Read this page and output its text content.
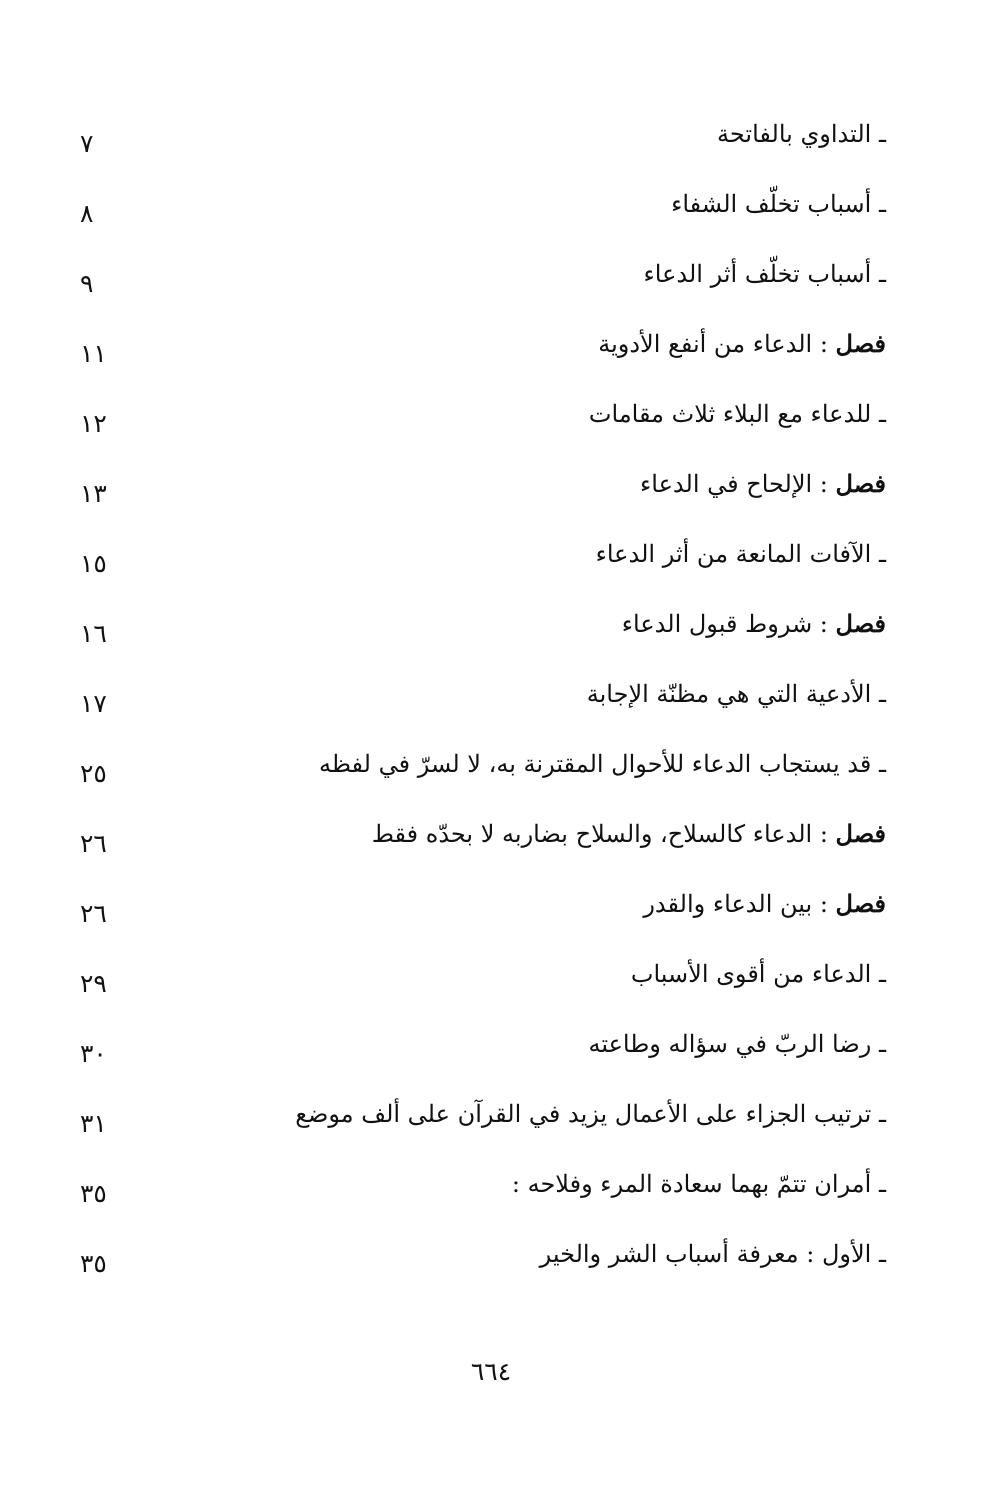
ـ التداوي بالفاتحة
٧
ـ أسباب تخلّف الشفاء
٨
ـ أسباب تخلّف أثر الدعاء
٩
فصل : الدعاء من أنفع الأدوية
١١
ـ للدعاء مع البلاء ثلاث مقامات
١٢
فصل : الإلحاح في الدعاء
١٣
ـ الآفات المانعة من أثر الدعاء
١٥
فصل : شروط قبول الدعاء
١٦
ـ الأدعية التي هي مظنّة الإجابة
١٧
ـ قد يستجاب الدعاء للأحوال المقترنة به، لا لسرّ في لفظه
٢٥
فصل : الدعاء كالسلاح، والسلاح بضاربه لا بحدّه فقط
٢٦
فصل : بين الدعاء والقدر
٢٦
ـ الدعاء من أقوى الأسباب
٢٩
ـ رضا الربّ في سؤاله وطاعته
٣٠
ـ ترتيب الجزاء على الأعمال يزيد في القرآن على ألف موضع
٣١
ـ أمران تتمّ بهما سعادة المرء وفلاحه :
٣٥
ـ الأول : معرفة أسباب الشر والخير
٣٥
٦٦٤
